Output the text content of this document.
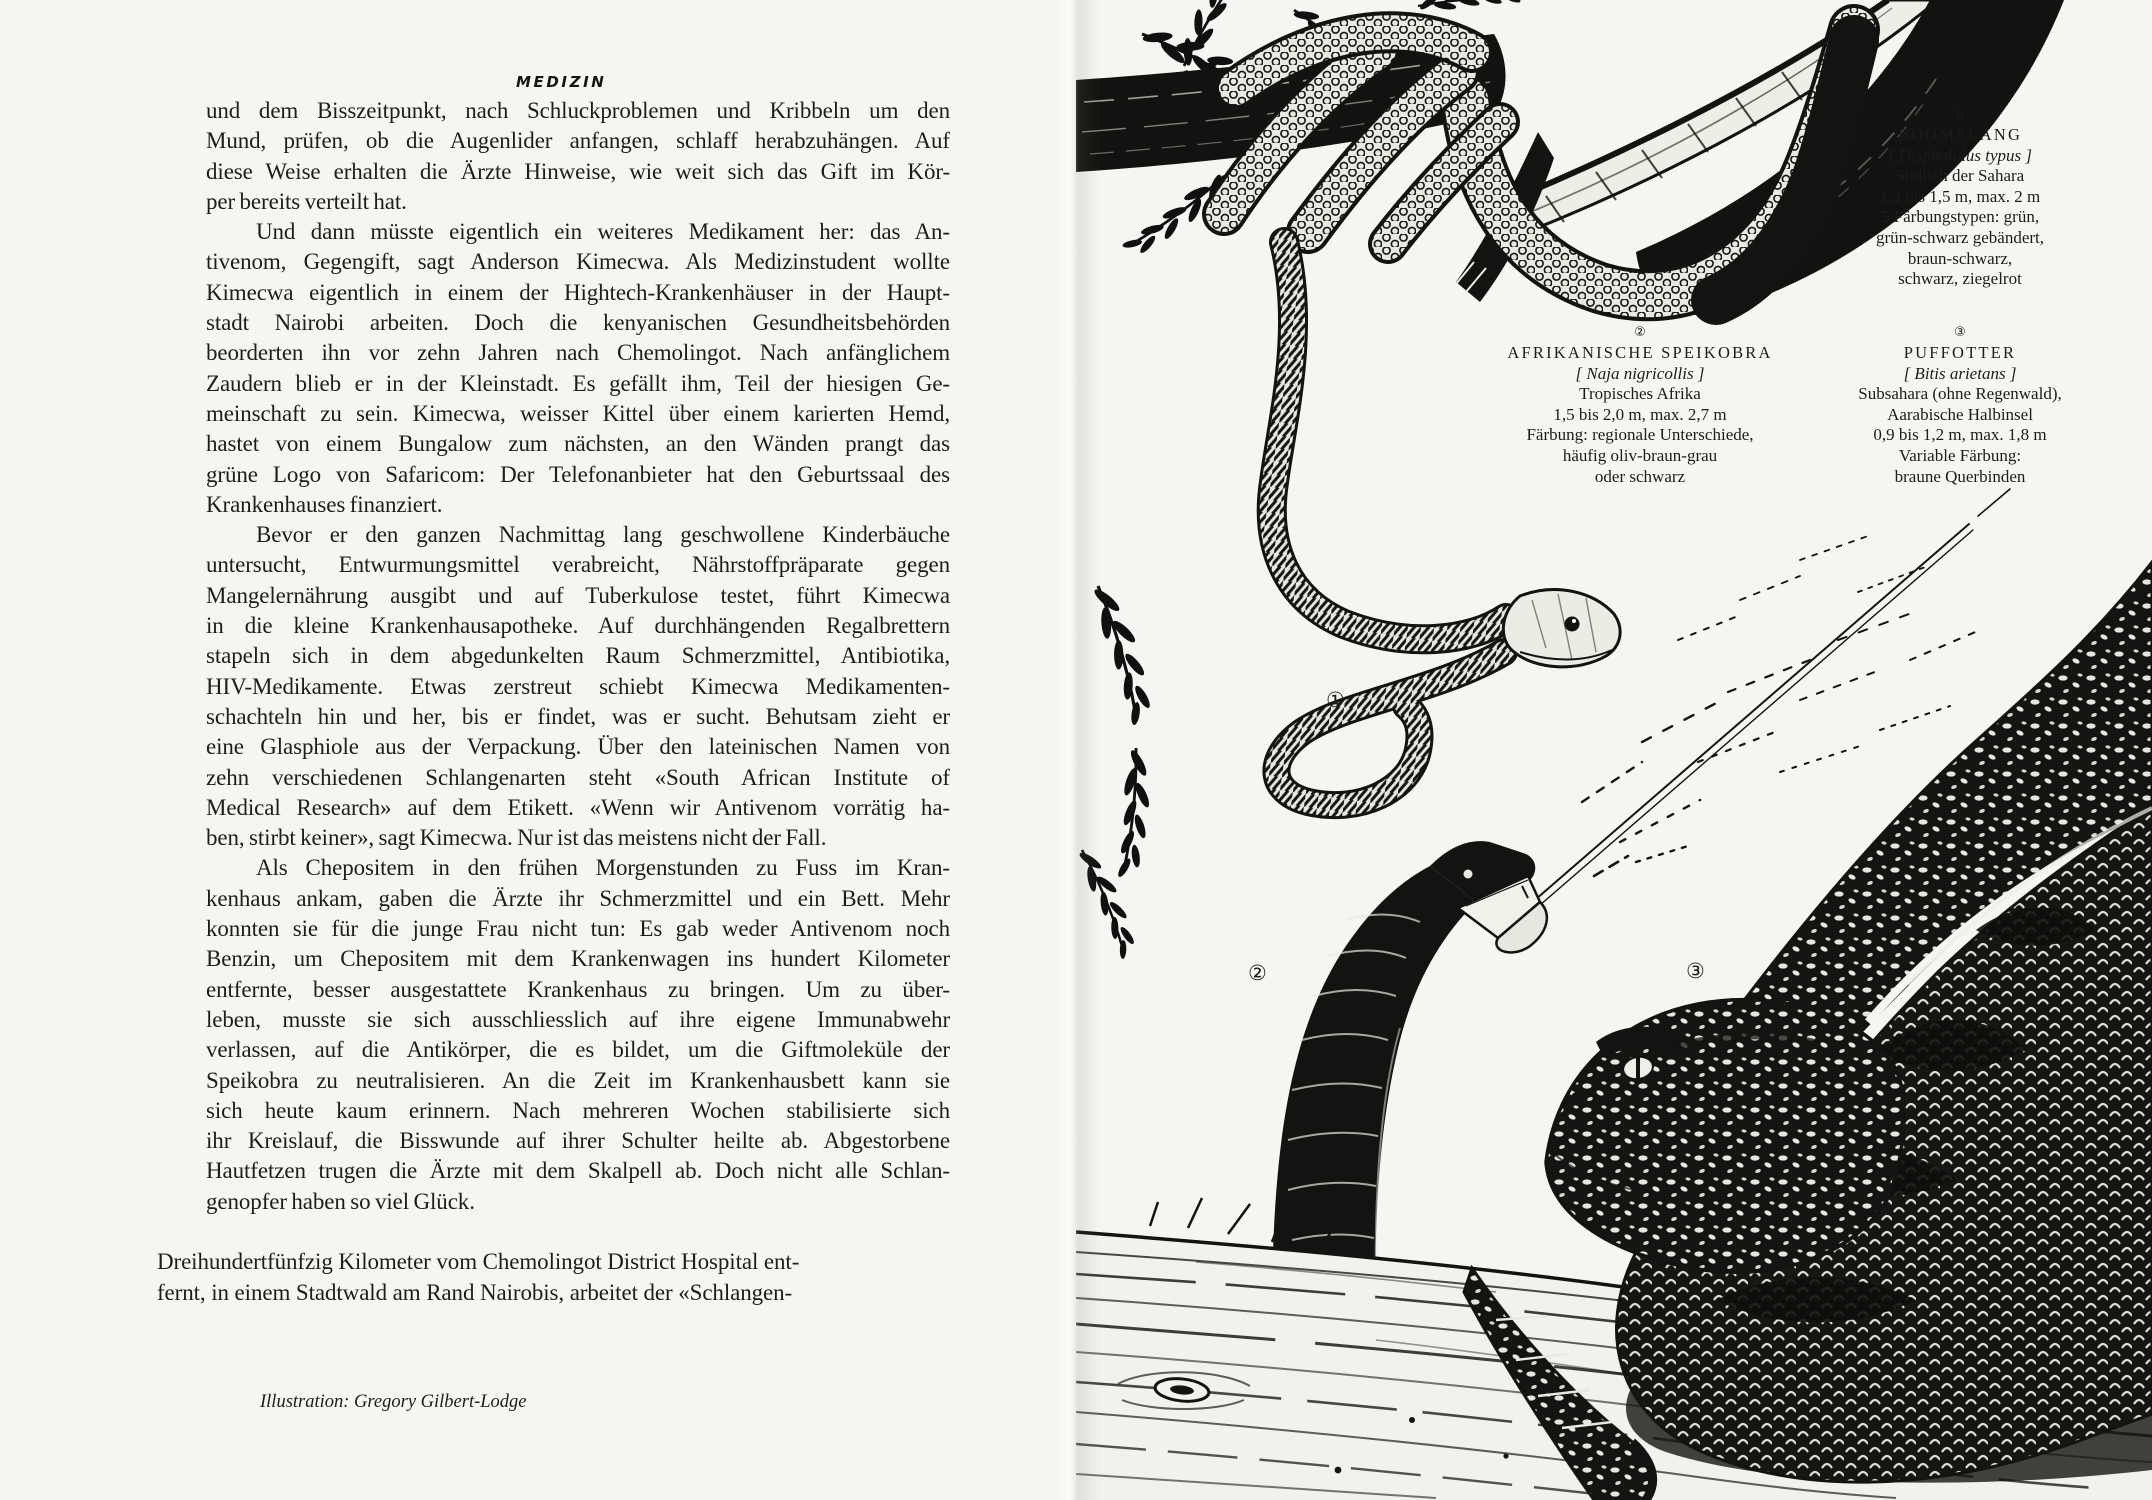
MEDIZIN
und dem Bisszeitpunkt, nach Schluckproblemen und Kribbeln um den
Mund, prüfen, ob die Augenlider anfangen, schlaff herabzuhängen. Auf
diese Weise erhalten die Ärzte Hinweise, wie weit sich das Gift im Kör-
per bereits verteilt hat.
Und dann müsste eigentlich ein weiteres Medikament her: das An-
tivenom, Gegengift, sagt Anderson Kimecwa. Als Medizinstudent wollte
Kimecwa eigentlich in einem der Hightech-Krankenhäuser in der Haupt-
stadt Nairobi arbeiten. Doch die kenyanischen Gesundheitsbehörden
beorderten ihn vor zehn Jahren nach Chemolingot. Nach anfänglichem
Zaudern blieb er in der Kleinstadt. Es gefällt ihm, Teil der hiesigen Ge-
meinschaft zu sein. Kimecwa, weisser Kittel über einem karierten Hemd,
hastet von einem Bungalow zum nächsten, an den Wänden prangt das
grüne Logo von Safaricom: Der Telefonanbieter hat den Geburtssaal des
Krankenhauses finanziert.
Bevor er den ganzen Nachmittag lang geschwollene Kinderbäuche
untersucht, Entwurmungsmittel verabreicht, Nährstoffpräparate gegen
Mangelernährung ausgibt und auf Tuberkulose testet, führt Kimecwa
in die kleine Krankenhausapotheke. Auf durchhängenden Regalbrettern
stapeln sich in dem abgedunkelten Raum Schmerzmittel, Antibiotika,
HIV-Medikamente. Etwas zerstreut schiebt Kimecwa Medikamenten-
schachteln hin und her, bis er findet, was er sucht. Behutsam zieht er
eine Glasphiole aus der Verpackung. Über den lateinischen Namen von
zehn verschiedenen Schlangenarten steht «South African Institute of
Medical Research» auf dem Etikett. «Wenn wir Antivenom vorrätig ha-
ben, stirbt keiner», sagt Kimecwa. Nur ist das meistens nicht der Fall.
Als Chepositem in den frühen Morgenstunden zu Fuss im Kran-
kenhaus ankam, gaben die Ärzte ihr Schmerzmittel und ein Bett. Mehr
konnten sie für die junge Frau nicht tun: Es gab weder Antivenom noch
Benzin, um Chepositem mit dem Krankenwagen ins hundert Kilometer
entfernte, besser ausgestattete Krankenhaus zu bringen. Um zu über-
leben, musste sie sich ausschliesslich auf ihre eigene Immunabwehr
verlassen, auf die Antikörper, die es bildet, um die Giftmoleküle der
Speikobra zu neutralisieren. An die Zeit im Krankenhausbett kann sie
sich heute kaum erinnern. Nach mehreren Wochen stabilisierte sich
ihr Kreislauf, die Bisswunde auf ihrer Schulter heilte ab. Abgestorbene
Hautfetzen trugen die Ärzte mit dem Skalpell ab. Doch nicht alle Schlan-
genopfer haben so viel Glück.
Dreihundertfünfzig Kilometer vom Chemolingot District Hospital ent-
fernt, in einem Stadtwald am Rand Nairobis, arbeitet der «Schlangen-
Illustration: Gregory Gilbert-Lodge
①
BOOMSLANG
[ Dispholidus typus ]
Südlich der Sahara
1,2 bis 1,5 m, max. 2 m
5 Färbungstypen: grün,
grün-schwarz gebändert,
braun-schwarz,
schwarz, ziegelrot
②
AFRIKANISCHE SPEIKOBRA
[ Naja nigricollis ]
Tropisches Afrika
1,5 bis 2,0 m, max. 2,7 m
Färbung: regionale Unterschiede,
häufig oliv-braun-grau
oder schwarz
③
PUFFOTTER
[ Bitis arietans ]
Subsahara (ohne Regenwald),
Aarabische Halbinsel
0,9 bis 1,2 m, max. 1,8 m
Variable Färbung:
braune Querbinden
①
②	③
